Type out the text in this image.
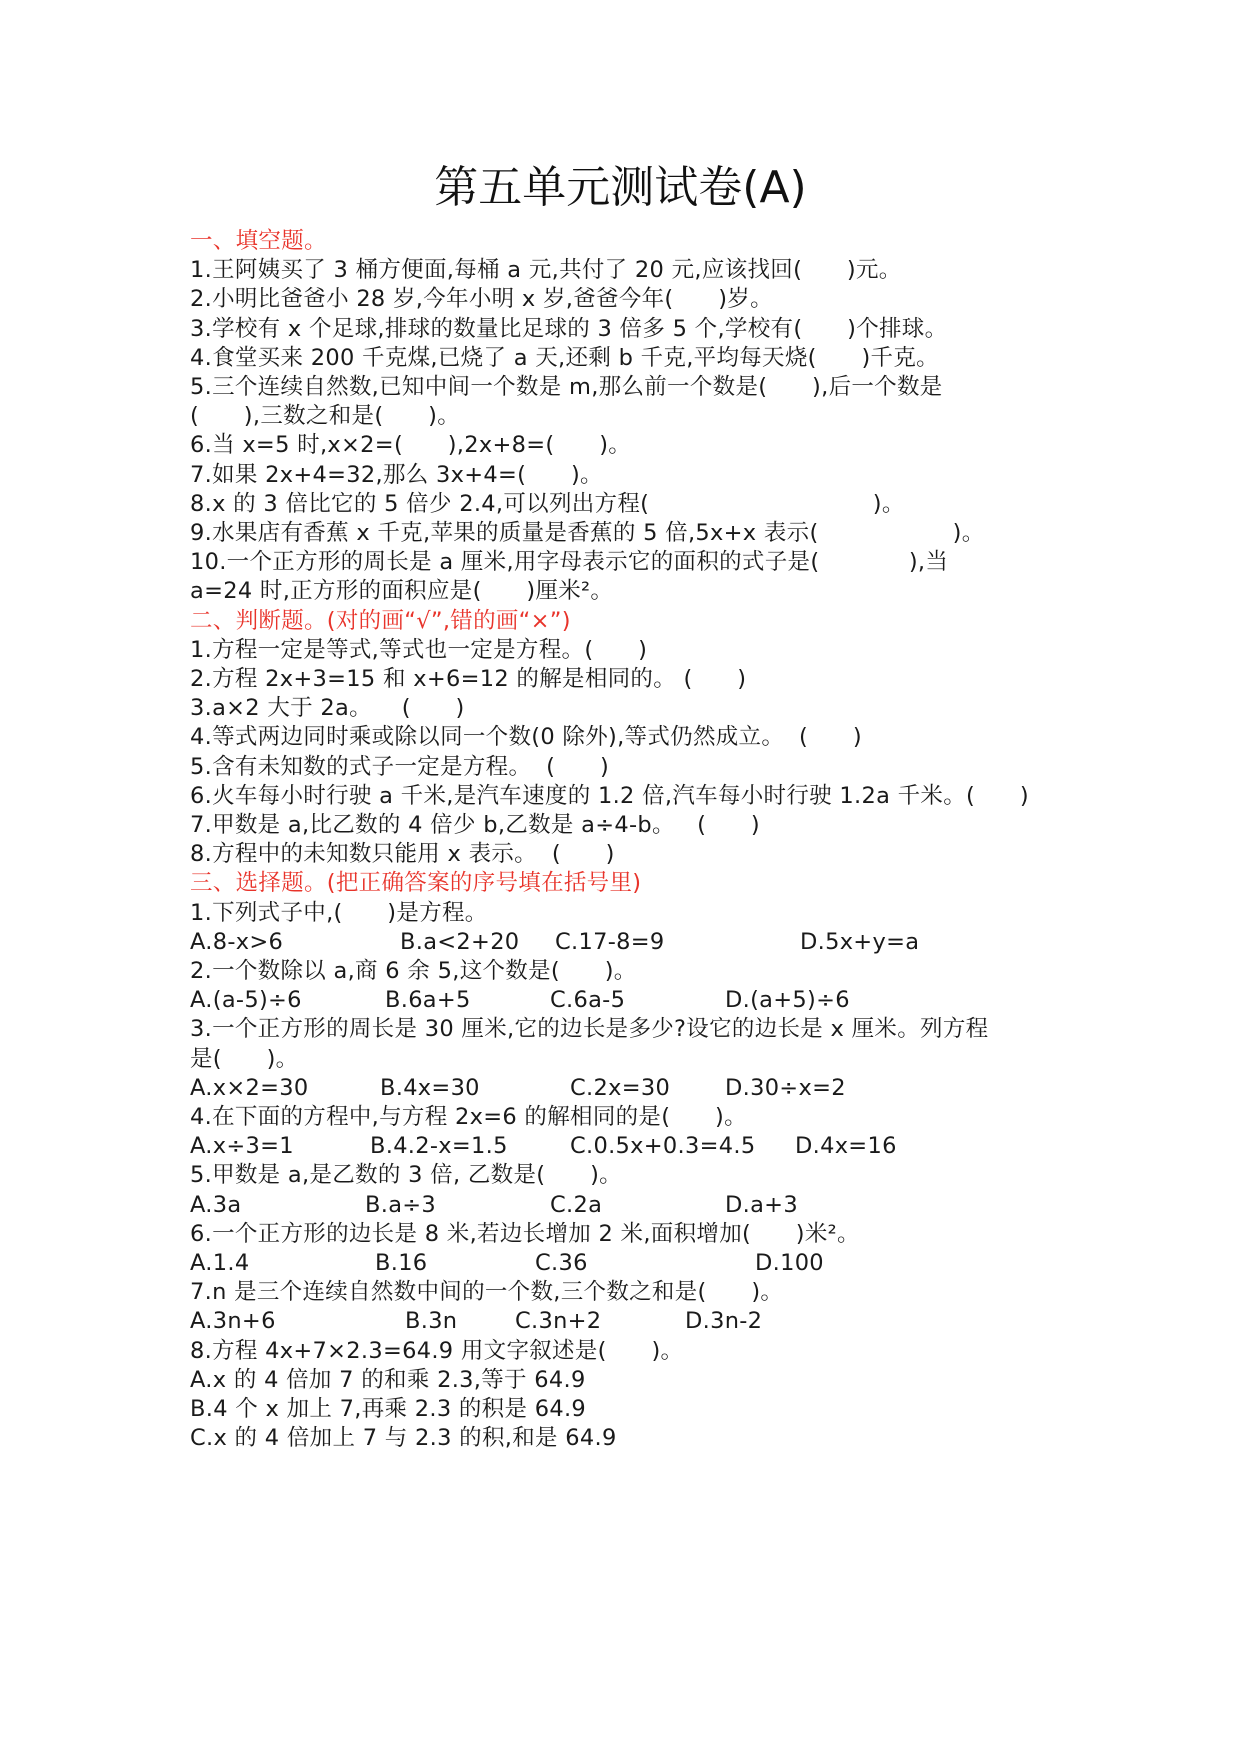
第五单元测试卷(A)
一、填空题。
1.王阿姨买了 3 桶方便面,每桶 a 元,共付了 20 元,应该找回(      )元。
2.小明比爸爸小 28 岁,今年小明 x 岁,爸爸今年(      )岁。
3.学校有 x 个足球,排球的数量比足球的 3 倍多 5 个,学校有(      )个排球。
4.食堂买来 200 千克煤,已烧了 a 天,还剩 b 千克,平均每天烧(      )千克。
5.三个连续自然数,已知中间一个数是 m,那么前一个数是(      ),后一个数是
(      ),三数之和是(      )。
6.当 x=5 时,x×2=(      ),2x+8=(      )。
7.如果 2x+4=32,那么 3x+4=(      )。
8.x 的 3 倍比它的 5 倍少 2.4,可以列出方程(                              )。
9.水果店有香蕉 x 千克,苹果的质量是香蕉的 5 倍,5x+x 表示(                  )。
10.一个正方形的周长是 a 厘米,用字母表示它的面积的式子是(            ),当
a=24 时,正方形的面积应是(      )厘米²。
二、判断题。(对的画“√”,错的画“×”)
1.方程一定是等式,等式也一定是方程。(      )
2.方程 2x+3=15 和 x+6=12 的解是相同的。 (      )
3.a×2 大于 2a。    (      )
4.等式两边同时乘或除以同一个数(0 除外),等式仍然成立。  (      )
5.含有未知数的式子一定是方程。  (      )
6.火车每小时行驶 a 千米,是汽车速度的 1.2 倍,汽车每小时行驶 1.2a 千米。(      )
7.甲数是 a,比乙数的 4 倍少 b,乙数是 a÷4-b。   (      )
8.方程中的未知数只能用 x 表示。  (      )
三、选择题。(把正确答案的序号填在括号里)
1.下列式子中,(      )是方程。
A.8-x>6	B.a<2+20 C.17-8=9	D.5x+y=a
2.一个数除以 a,商 6 余 5,这个数是(      )。
A.(a-5)÷6	B.6a+5	C.6a-5	D.(a+5)÷6
3.一个正方形的周长是 30 厘米,它的边长是多少?设它的边长是 x 厘米。列方程
是(      )。
A.x×2=30	B.4x=30	C.2x=30 D.30÷x=2
4.在下面的方程中,与方程 2x=6 的解相同的是(      )。
A.x÷3=1	B.4.2-x=1.5	C.0.5x+0.3=4.5 D.4x=16
5.甲数是 a,是乙数的 3 倍, 乙数是(      )。
A.3a	B.a÷3	C.2a	D.a+3
6.一个正方形的边长是 8 米,若边长增加 2 米,面积增加(      )米²。
A.1.4	B.16	C.36	D.100
7.n 是三个连续自然数中间的一个数,三个数之和是(      )。
A.3n+6	B.3n	C.3n+2	D.3n-2
8.方程 4x+7×2.3=64.9 用文字叙述是(      )。
A.x 的 4 倍加 7 的和乘 2.3,等于 64.9
B.4 个 x 加上 7,再乘 2.3 的积是 64.9
C.x 的 4 倍加上 7 与 2.3 的积,和是 64.9
